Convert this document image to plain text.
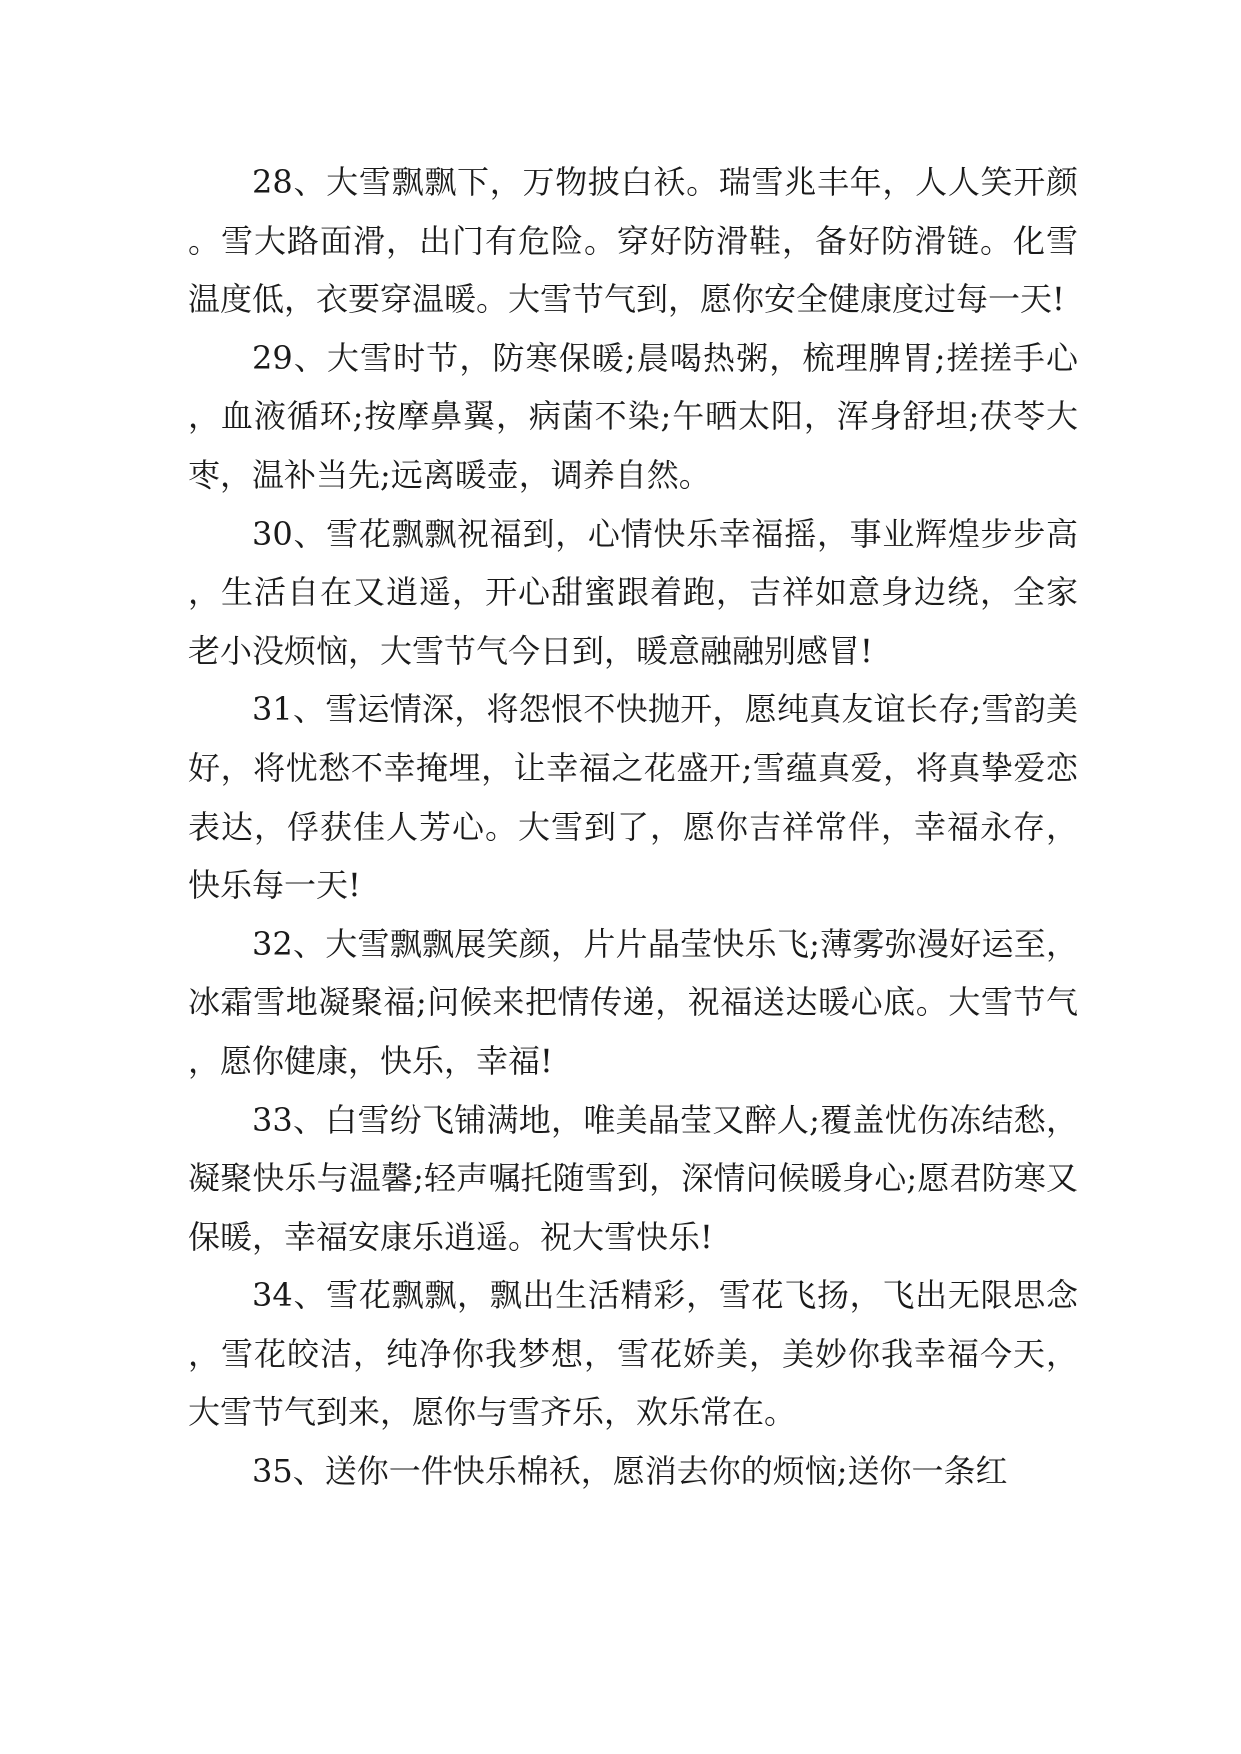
28、大雪飘飘下，万物披白袄。瑞雪兆丰年，人人笑开颜。雪大路面滑，出门有危险。穿好防滑鞋，备好防滑链。化雪温度低，衣要穿温暖。大雪节气到，愿你安全健康度过每一天!

29、大雪时节，防寒保暖;晨喝热粥，梳理脾胃;搓搓手心，血液循环;按摩鼻翼，病菌不染;午晒太阳，浑身舒坦;茯苓大枣，温补当先;远离暖壶，调养自然。

30、雪花飘飘祝福到，心情快乐幸福摇，事业辉煌步步高，生活自在又逍遥，开心甜蜜跟着跑，吉祥如意身边绕，全家老小没烦恼，大雪节气今日到，暖意融融别感冒!

31、雪运情深，将怨恨不快抛开，愿纯真友谊长存;雪韵美好，将忧愁不幸掩埋，让幸福之花盛开;雪蕴真爱，将真挚爱恋表达，俘获佳人芳心。大雪到了，愿你吉祥常伴，幸福永存，快乐每一天!

32、大雪飘飘展笑颜，片片晶莹快乐飞;薄雾弥漫好运至，冰霜雪地凝聚福;问候来把情传递，祝福送达暖心底。大雪节气，愿你健康，快乐，幸福!

33、白雪纷飞铺满地，唯美晶莹又醉人;覆盖忧伤冻结愁，凝聚快乐与温馨;轻声嘱托随雪到，深情问候暖身心;愿君防寒又保暖，幸福安康乐逍遥。祝大雪快乐!

34、雪花飘飘，飘出生活精彩，雪花飞扬，飞出无限思念，雪花皎洁，纯净你我梦想，雪花娇美，美妙你我幸福今天，大雪节气到来，愿你与雪齐乐，欢乐常在。

35、送你一件快乐棉袄，愿消去你的烦恼;送你一条红
